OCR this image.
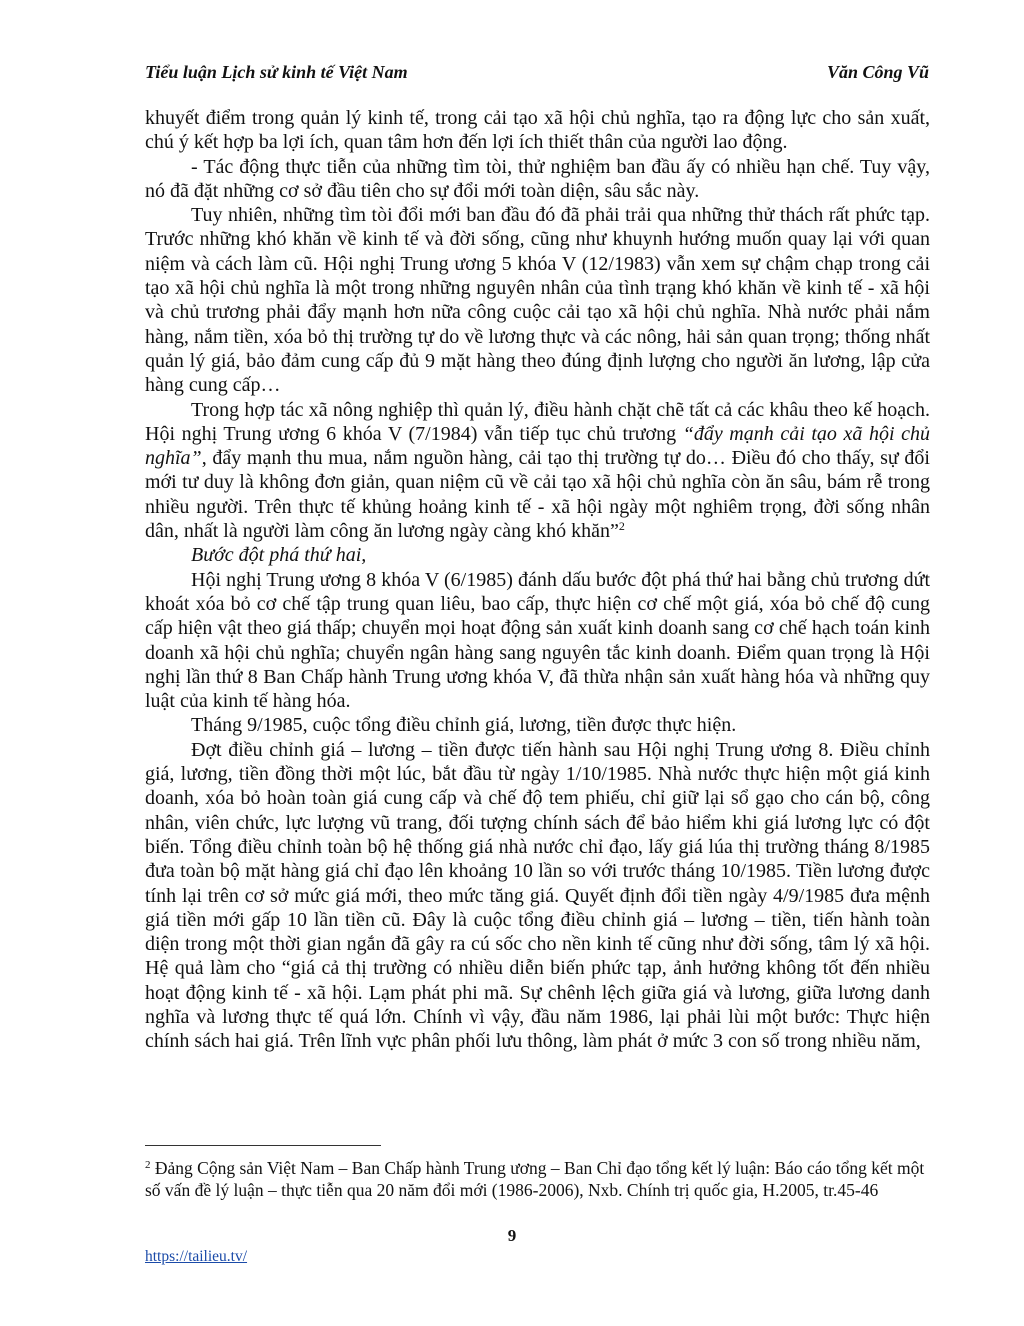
Tiểu luận Lịch sử kinh tế Việt Nam	Văn Công Vũ

khuyết điểm trong quản lý kinh tế, trong cải tạo xã hội chủ nghĩa, tạo ra động lực cho sản xuất, chú ý kết hợp ba lợi ích, quan tâm hơn đến lợi ích thiết thân của người lao động.

- Tác động thực tiễn của những tìm tòi, thử nghiệm ban đầu ấy có nhiều hạn chế. Tuy vậy, nó đã đặt những cơ sở đầu tiên cho sự đổi mới toàn diện, sâu sắc này.

Tuy nhiên, những tìm tòi đổi mới ban đầu đó đã phải trải qua những thử thách rất phức tạp. Trước những khó khăn về kinh tế và đời sống, cũng như khuynh hướng muốn quay lại với quan niệm và cách làm cũ. Hội nghị Trung ương 5 khóa V (12/1983) vẫn xem sự chậm chạp trong cải tạo xã hội chủ nghĩa là một trong những nguyên nhân của tình trạng khó khăn về kinh tế - xã hội và chủ trương phải đẩy mạnh hơn nữa công cuộc cải tạo xã hội chủ nghĩa. Nhà nước phải nắm hàng, nắm tiền, xóa bỏ thị trường tự do về lương thực và các nông, hải sản quan trọng; thống nhất quản lý giá, bảo đảm cung cấp đủ 9 mặt hàng theo đúng định lượng cho người ăn lương, lập cửa hàng cung cấp…

Trong hợp tác xã nông nghiệp thì quản lý, điều hành chặt chẽ tất cả các khâu theo kế hoạch. Hội nghị Trung ương 6 khóa V (7/1984) vẫn tiếp tục chủ trương “đẩy mạnh cải tạo xã hội chủ nghĩa”, đẩy mạnh thu mua, nắm nguồn hàng, cải tạo thị trường tự do… Điều đó cho thấy, sự đổi mới tư duy là không đơn giản, quan niệm cũ về cải tạo xã hội chủ nghĩa còn ăn sâu, bám rễ trong nhiều người. Trên thực tế khủng hoảng kinh tế - xã hội ngày một nghiêm trọng, đời sống nhân dân, nhất là người làm công ăn lương ngày càng khó khăn”$^2$

Bước đột phá thứ hai,

Hội nghị Trung ương 8 khóa V (6/1985) đánh dấu bước đột phá thứ hai bằng chủ trương dứt khoát xóa bỏ cơ chế tập trung quan liêu, bao cấp, thực hiện cơ chế một giá, xóa bỏ chế độ cung cấp hiện vật theo giá thấp; chuyển mọi hoạt động sản xuất kinh doanh sang cơ chế hạch toán kinh doanh xã hội chủ nghĩa; chuyển ngân hàng sang nguyên tắc kinh doanh. Điểm quan trọng là Hội nghị lần thứ 8 Ban Chấp hành Trung ương khóa V, đã thừa nhận sản xuất hàng hóa và những quy luật của kinh tế hàng hóa.

Tháng 9/1985, cuộc tổng điều chỉnh giá, lương, tiền được thực hiện.

Đợt điều chỉnh giá – lương – tiền được tiến hành sau Hội nghị Trung ương 8. Điều chỉnh giá, lương, tiền đồng thời một lúc, bắt đầu từ ngày 1/10/1985. Nhà nước thực hiện một giá kinh doanh, xóa bỏ hoàn toàn giá cung cấp và chế độ tem phiếu, chỉ giữ lại sổ gạo cho cán bộ, công nhân, viên chức, lực lượng vũ trang, đối tượng chính sách để bảo hiểm khi giá lương lực có đột biến. Tổng điều chỉnh toàn bộ hệ thống giá nhà nước chỉ đạo, lấy giá lúa thị trường tháng 8/1985 đưa toàn bộ mặt hàng giá chỉ đạo lên khoảng 10 lần so với trước tháng 10/1985. Tiền lương được tính lại trên cơ sở mức giá mới, theo mức tăng giá. Quyết định đổi tiền ngày 4/9/1985 đưa mệnh giá tiền mới gấp 10 lần tiền cũ. Đây là cuộc tổng điều chỉnh giá – lương – tiền, tiến hành toàn diện trong một thời gian ngắn đã gây ra cú sốc cho nền kinh tế cũng như đời sống, tâm lý xã hội. Hệ quả làm cho “giá cả thị trường có nhiều diễn biến phức tạp, ảnh hưởng không tốt đến nhiều hoạt động kinh tế - xã hội. Lạm phát phi mã. Sự chênh lệch giữa giá và lương, giữa lương danh nghĩa và lương thực tế quá lớn. Chính vì vậy, đầu năm 1986, lại phải lùi một bước: Thực hiện chính sách hai giá. Trên lĩnh vực phân phối lưu thông, làm phát ở mức 3 con số trong nhiều năm,

$^2$ Đảng Cộng sản Việt Nam – Ban Chấp hành Trung ương – Ban Chỉ đạo tổng kết lý luận: Báo cáo tổng kết một số vấn đề lý luận – thực tiễn qua 20 năm đổi mới (1986-2006), Nxb. Chính trị quốc gia, H.2005, tr.45-46
9
https://tailieu.tv/
